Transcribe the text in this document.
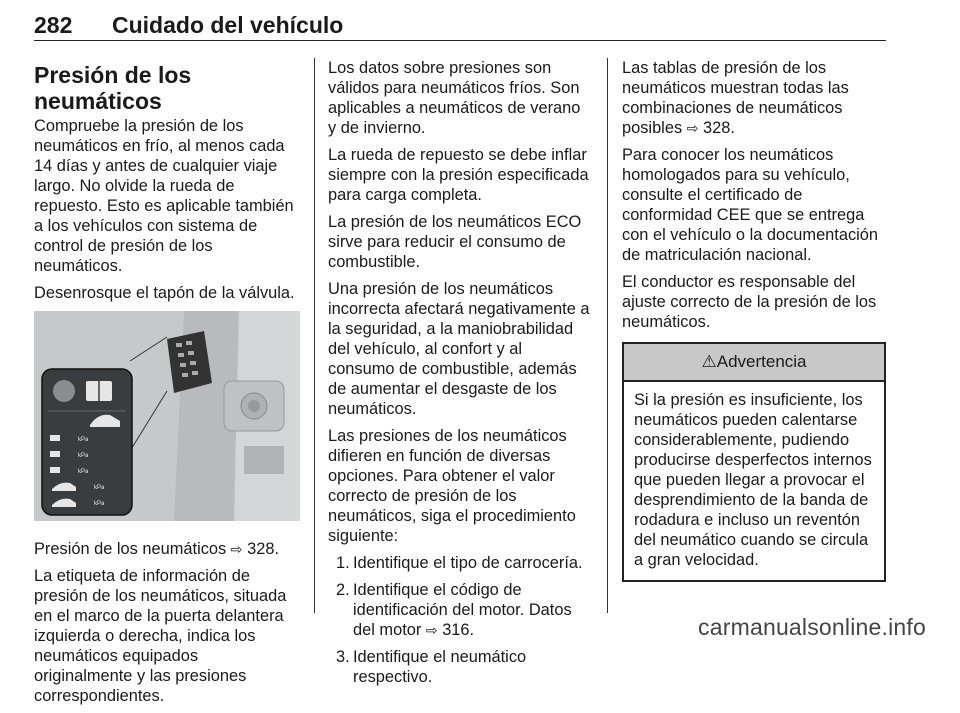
282 Cuidado del vehículo
Presión de los neumáticos

Compruebe la presión de los neumáticos en frío, al menos cada 14 días y antes de cualquier viaje largo. No olvide la rueda de repuesto. Esto es aplicable también a los vehículos con sistema de control de presión de los neumáticos.

Desenrosque el tapón de la válvula.

kPa
kPa
kPa
kPa
kPa

Presión de los neumáticos ⇨ 328.

La etiqueta de información de presión de los neumáticos, situada en el marco de la puerta delantera izquierda o derecha, indica los neumáticos equipados originalmente y las presiones correspondientes.

Los datos sobre presiones son válidos para neumáticos fríos. Son aplicables a neumáticos de verano y de invierno.

La rueda de repuesto se debe inflar siempre con la presión especificada para carga completa.

La presión de los neumáticos ECO sirve para reducir el consumo de combustible.

Una presión de los neumáticos incorrecta afectará negativamente a la seguridad, a la maniobrabilidad del vehículo, al confort y al consumo de combustible, además de aumentar el desgaste de los neumáticos.

Las presiones de los neumáticos difieren en función de diversas opciones. Para obtener el valor correcto de presión de los neumáticos, siga el procedimiento siguiente:

1. Identifique el tipo de carrocería.
2. Identifique el código de identificación del motor. Datos del motor ⇨ 316.
3. Identifique el neumático respectivo.

Las tablas de presión de los neumáticos muestran todas las combinaciones de neumáticos posibles ⇨ 328.

Para conocer los neumáticos homologados para su vehículo, consulte el certificado de conformidad CEE que se entrega con el vehículo o la documentación de matriculación nacional.

El conductor es responsable del ajuste correcto de la presión de los neumáticos.

⚠Advertencia
Si la presión es insuficiente, los neumáticos pueden calentarse considerablemente, pudiendo producirse desperfectos internos que pueden llegar a provocar el desprendimiento de la banda de rodadura e incluso un reventón del neumático cuando se circula a gran velocidad.
carmanualsonline.info
